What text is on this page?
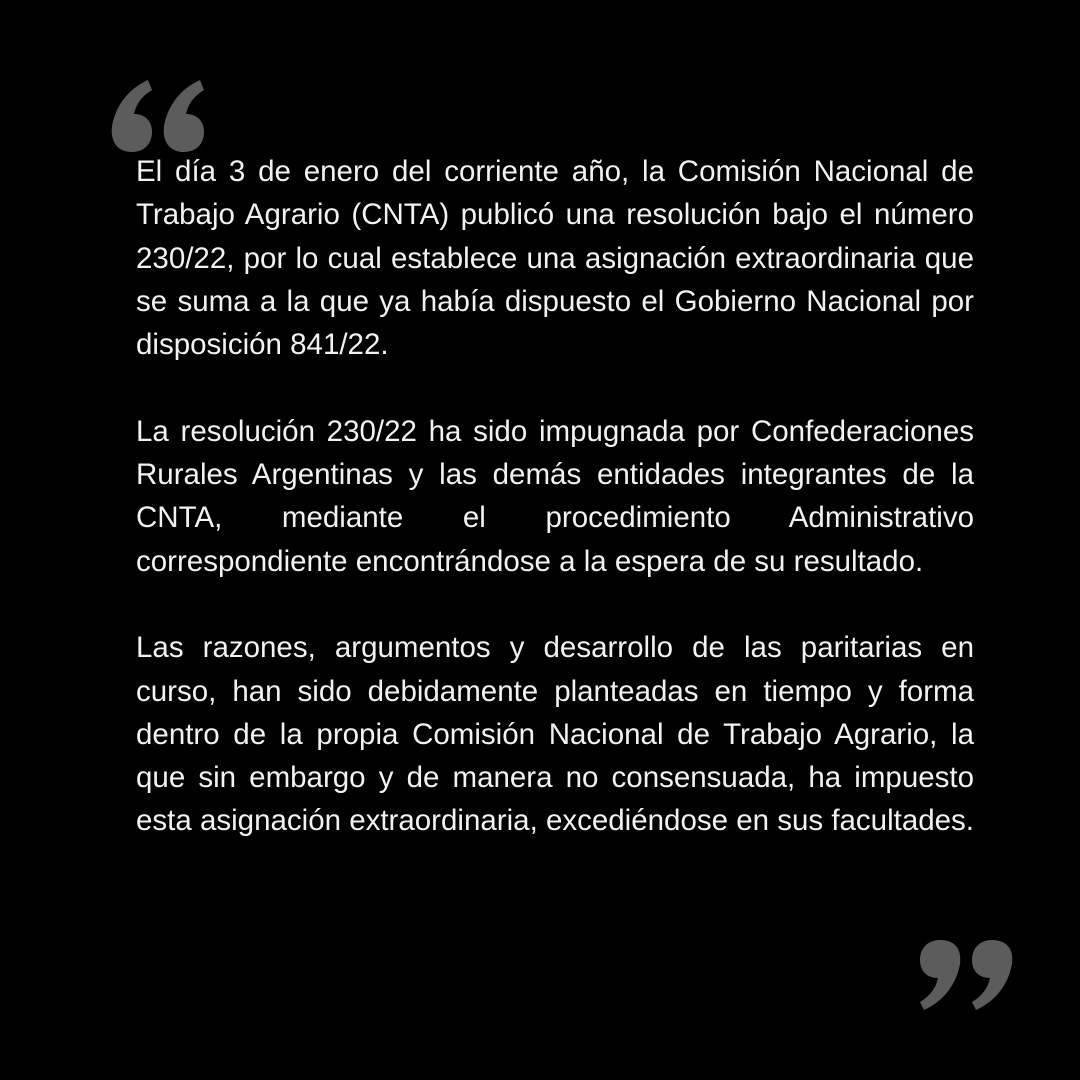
El día 3 de enero del corriente año, la Comisión Nacional de Trabajo Agrario (CNTA) publicó una resolución bajo el número 230/22, por lo cual establece una asignación extraordinaria que se suma a la que ya había dispuesto el Gobierno Nacional por disposición 841/22.

La resolución 230/22 ha sido impugnada por Confederaciones Rurales Argentinas y las demás entidades integrantes de la CNTA, mediante el procedimiento Administrativo correspondiente encontrándose a la espera de su resultado.

Las razones, argumentos y desarrollo de las paritarias en curso, han sido debidamente planteadas en tiempo y forma dentro de la propia Comisión Nacional de Trabajo Agrario, la que sin embargo y de manera no consensuada, ha impuesto esta asignación extraordinaria, excediéndose en sus facultades.
